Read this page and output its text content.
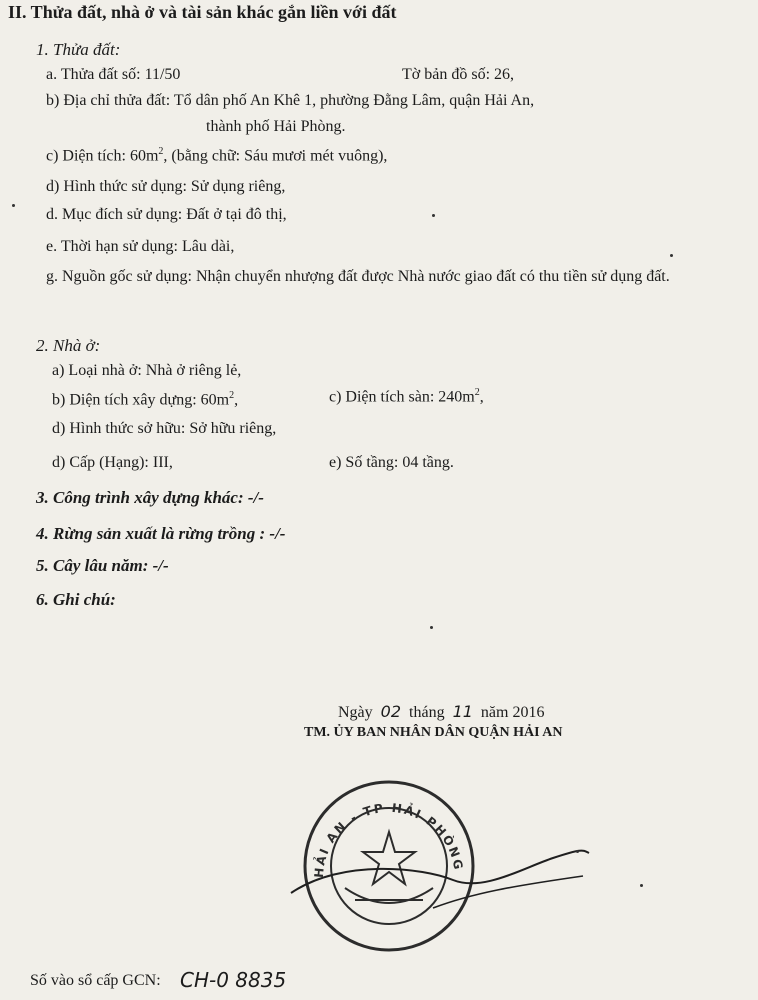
II. Thửa đất, nhà ở và tài sản khác gắn liền với đất
1. Thửa đất:
a. Thửa đất số: 11/50	Tờ bản đồ số: 26,
b) Địa chỉ thửa đất: Tổ dân phố An Khê 1, phường Đằng Lâm, quận Hải An,
thành phố Hải Phòng.
c) Diện tích: $60m^2$, (bằng chữ: Sáu mươi mét vuông),
d) Hình thức sử dụng: Sử dụng riêng,
d. Mục đích sử dụng: Đất ở tại đô thị,
e. Thời hạn sử dụng: Lâu dài,
g. Nguồn gốc sử dụng: Nhận chuyển nhượng đất được Nhà nước giao đất có thu tiền sử dụng đất.
2. Nhà ở:
a) Loại nhà ở: Nhà ở riêng lẻ,
b) Diện tích xây dựng: $60m^2$,	c) Diện tích sàn: $240m^2$,
d) Hình thức sở hữu: Sở hữu riêng,
d) Cấp (Hạng): III,	e) Số tầng: 04 tầng.
3. Công trình xây dựng khác: -/-
4. Rừng sản xuất là rừng trồng : -/-
5. Cây lâu năm: -/-
6. Ghi chú:
Ngày 02 tháng 11 năm 2016
TM. ỦY BAN NHÂN DÂN QUẬN HẢI AN
HẢI AN - TP HẢI PHÒNG
Số vào sổ cấp GCN: CH-0 8835
